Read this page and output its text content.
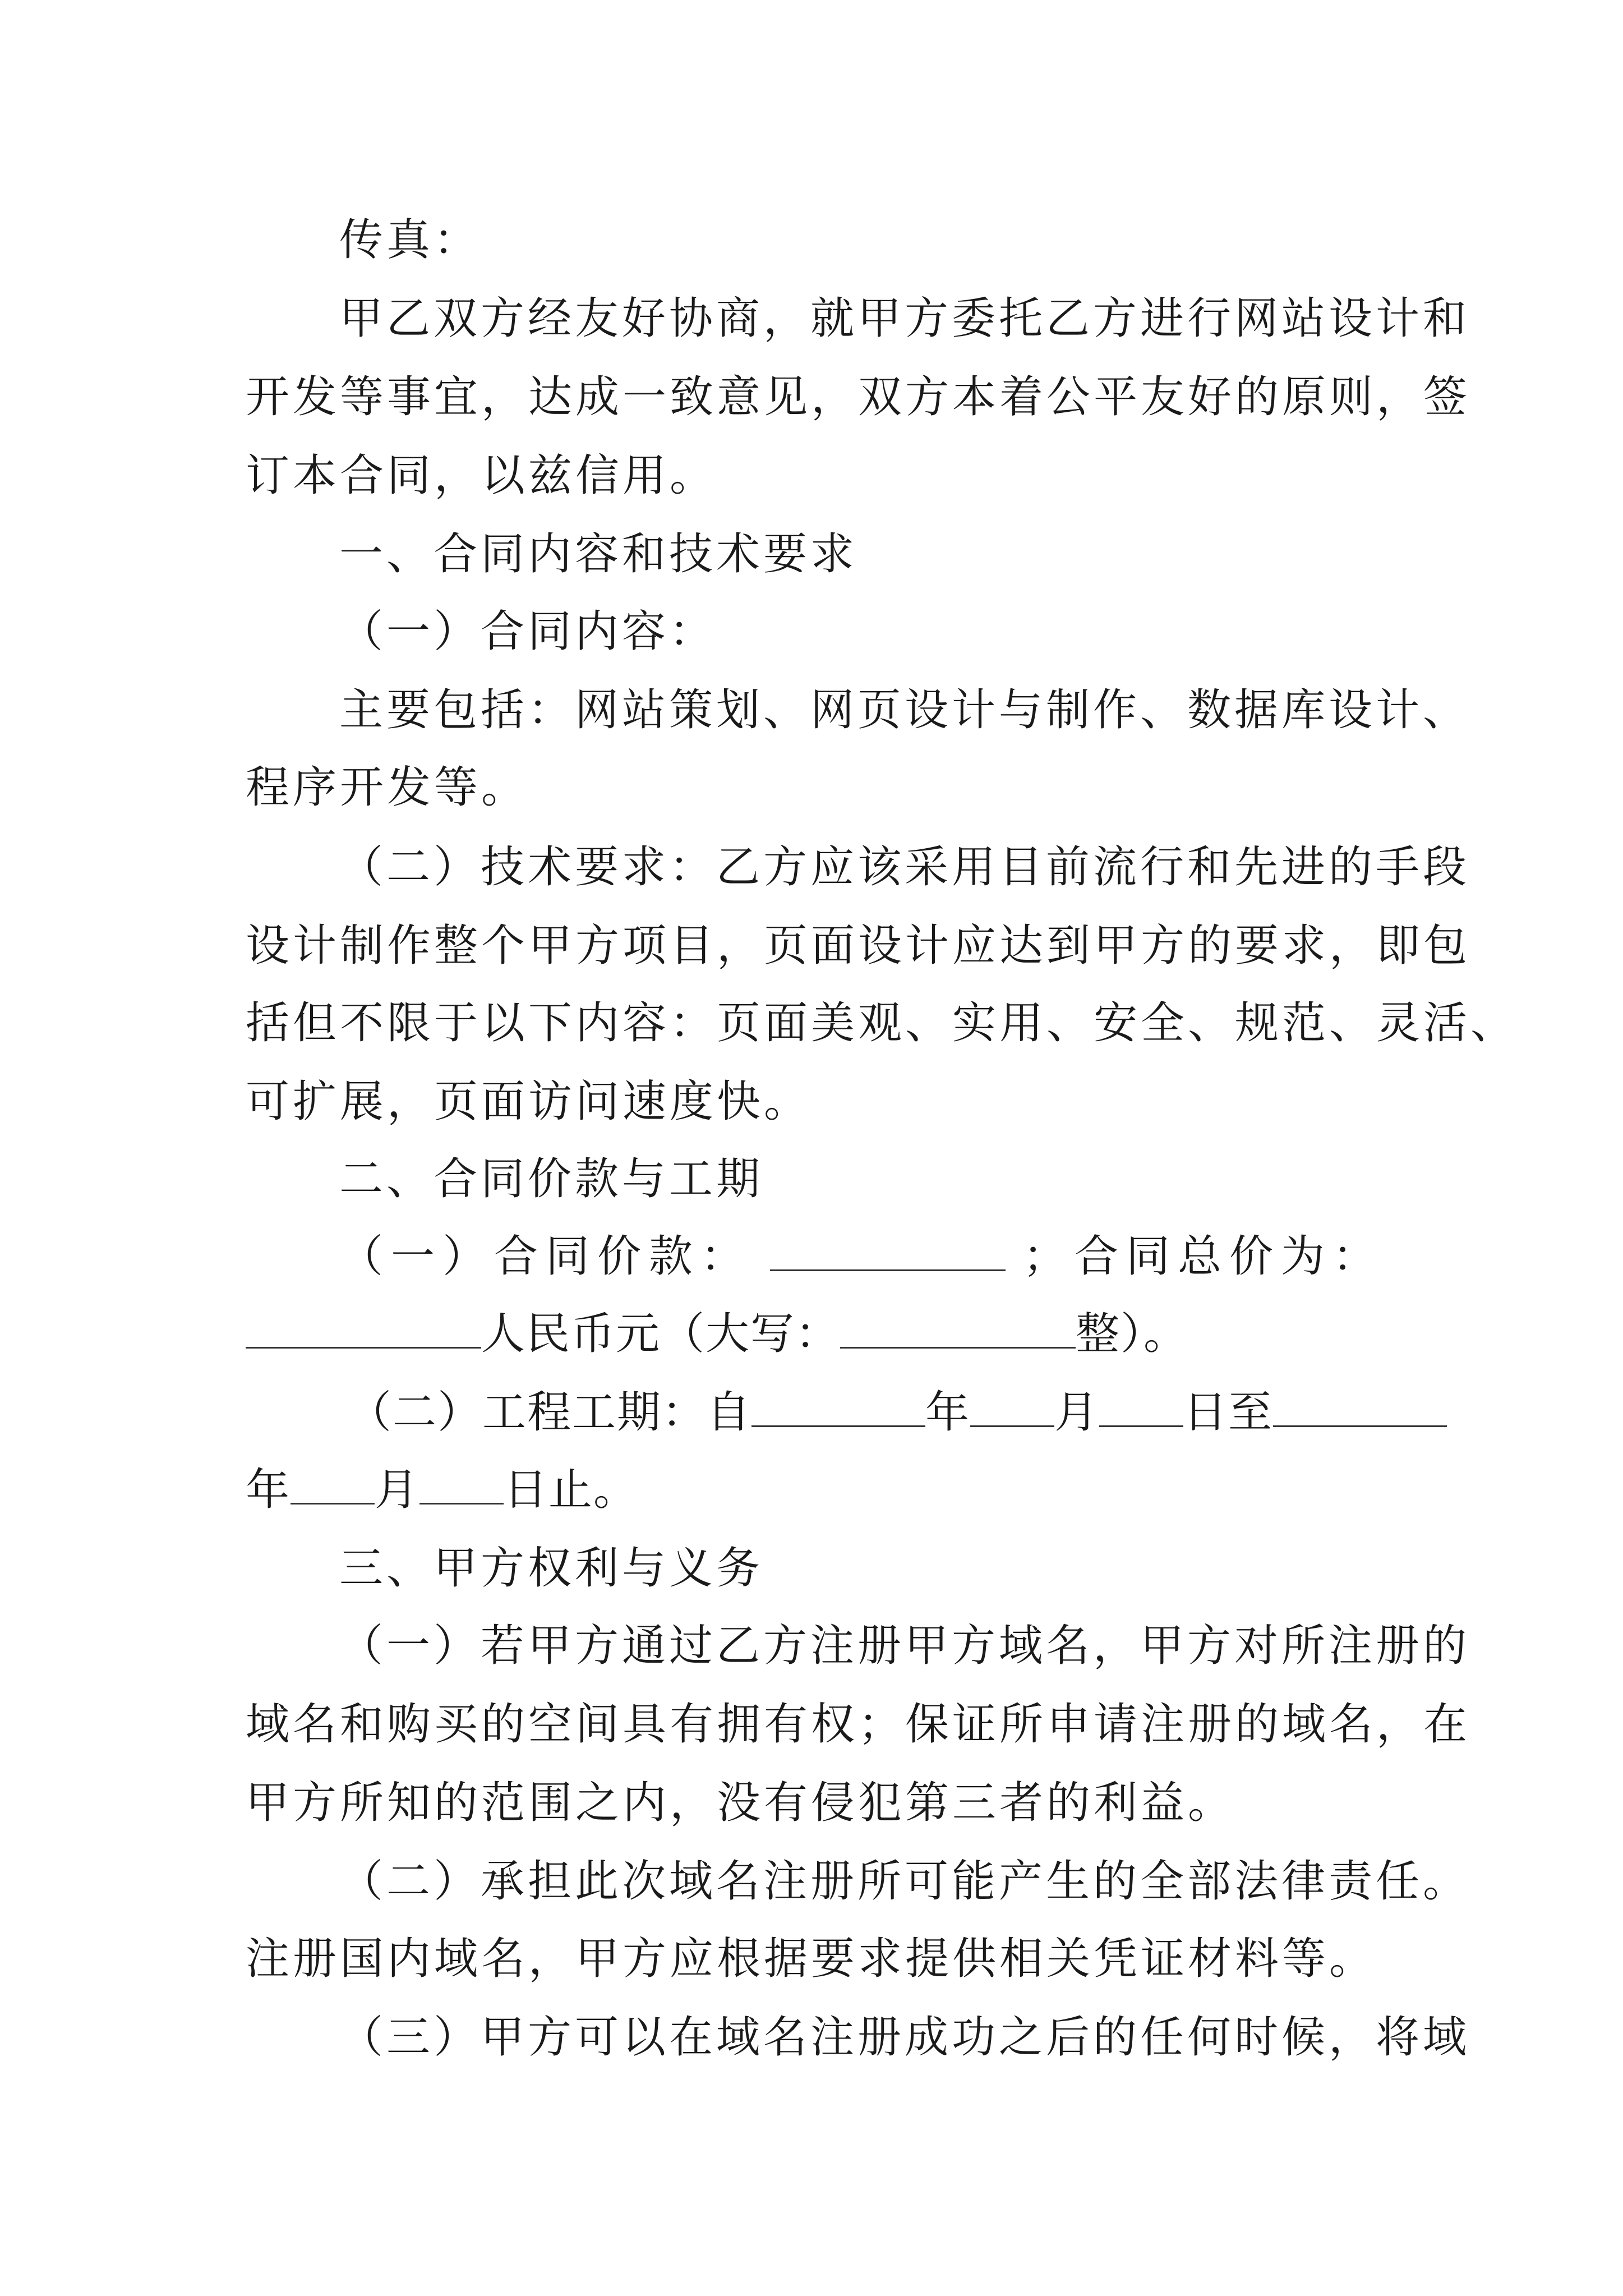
传真：
甲乙双方经友好协商，就甲方委托乙方进行网站设计和
开发等事宜，达成一致意见，双方本着公平友好的原则，签
订本合同，以兹信用。
一、合同内容和技术要求
（一）合同内容：
主要包括：网站策划、网页设计与制作、数据库设计、
程序开发等。
（二）技术要求：乙方应该采用目前流行和先进的手段
设计制作整个甲方项目，页面设计应达到甲方的要求，即包
括但不限于以下内容：页面美观、实用、安全、规范、灵活、
可扩展，页面访问速度快。
二、合同价款与工期
（一）合同价款：	；合同总价为：
人民币元（大写：	整）。
（二）工程工期：自	年 月 日至
年 月 日止。
三、甲方权利与义务
（一）若甲方通过乙方注册甲方域名，甲方对所注册的
域名和购买的空间具有拥有权；保证所申请注册的域名，在
甲方所知的范围之内，没有侵犯第三者的利益。
（二）承担此次域名注册所可能产生的全部法律责任。
注册国内域名，甲方应根据要求提供相关凭证材料等。
（三）甲方可以在域名注册成功之后的任何时候，将域
